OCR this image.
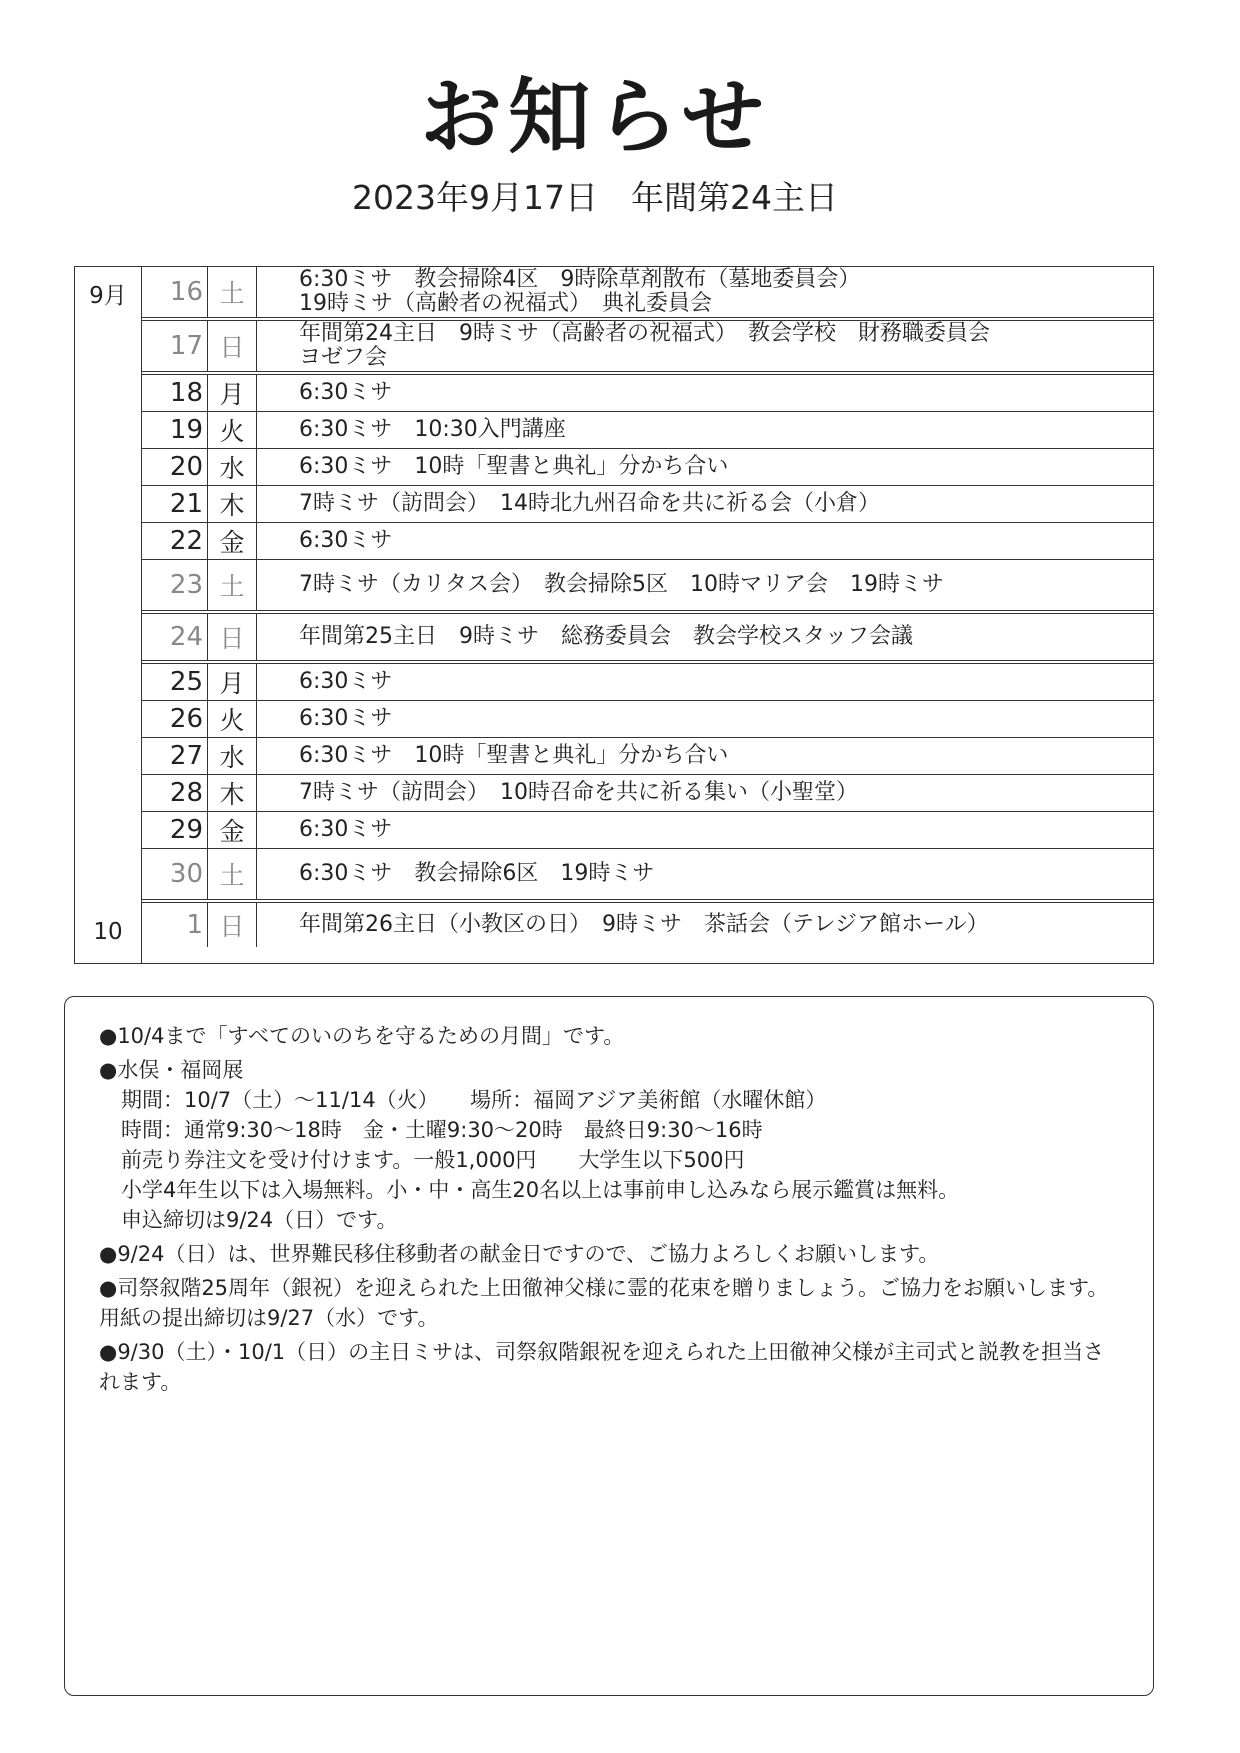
お知らせ
2023年9月17日　年間第24主日
9月
10
16 土	6:30ミサ　教会掃除4区　9時除草剤散布（墓地委員会）
19時ミサ（高齢者の祝福式）　典礼委員会
17 日	年間第24主日　9時ミサ（高齢者の祝福式）　教会学校　財務職委員会
ヨゼフ会
18 月	6:30ミサ
19 火	6:30ミサ　10:30入門講座
20 水	6:30ミサ　10時「聖書と典礼」分かち合い
21 木	7時ミサ（訪問会）　14時北九州召命を共に祈る会（小倉）
22 金	6:30ミサ
23 土	7時ミサ（カリタス会）　教会掃除5区　10時マリア会　19時ミサ
24 日	年間第25主日　9時ミサ　総務委員会　教会学校スタッフ会議
25 月	6:30ミサ
26 火	6:30ミサ
27 水	6:30ミサ　10時「聖書と典礼」分かち合い
28 木	7時ミサ（訪問会）　10時召命を共に祈る集い（小聖堂）
29 金	6:30ミサ
30 土	6:30ミサ　教会掃除6区　19時ミサ
1 日	年間第26主日（小教区の日）　9時ミサ　茶話会（テレジア館ホール）

●10/4まで「すべてのいのちを守るための月間」です。

●水俣・福岡展

期間：10/7（土）～11/14（火）　　場所：福岡アジア美術館（水曜休館）

時間：通常9:30～18時　金・土曜9:30～20時　最終日9:30～16時

前売り券注文を受け付けます。一般1,000円　　大学生以下500円

小学4年生以下は入場無料。小・中・高生20名以上は事前申し込みなら展示鑑賞は無料。

申込締切は9/24（日）です。

●9/24（日）は、世界難民移住移動者の献金日ですので、ご協力よろしくお願いします。

●司祭叙階25周年（銀祝）を迎えられた上田徹神父様に霊的花束を贈りましょう。ご協力をお願いします。用紙の提出締切は9/27（水）です。

●9/30（土）・10/1（日）の主日ミサは、司祭叙階銀祝を迎えられた上田徹神父様が主司式と説教を担当されます。
